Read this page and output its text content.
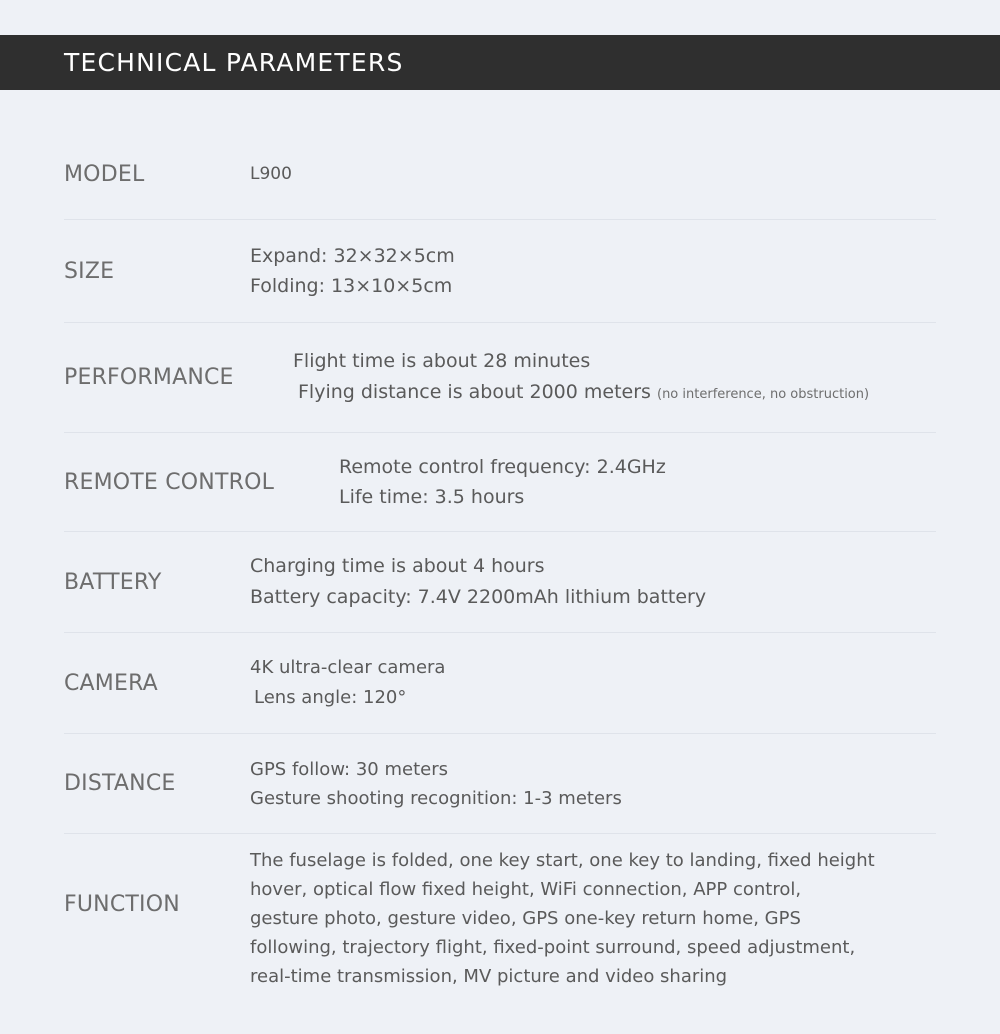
TECHNICAL PARAMETERS
MODEL	L900
SIZE
Expand: 32×32×5cm
Folding: 13×10×5cm
PERFORMANCE
Flight time is about 28 minutes
Flying distance is about 2000 meters (no interference, no obstruction)
REMOTE CONTROL
Remote control frequency: 2.4GHz
Life time: 3.5 hours
BATTERY
Charging time is about 4 hours
Battery capacity: 7.4V 2200mAh lithium battery
CAMERA
4K ultra-clear camera
Lens angle: 120°
DISTANCE
GPS follow: 30 meters
Gesture shooting recognition: 1-3 meters
FUNCTION
The fuselage is folded, one key start, one key to landing, fixed height
hover, optical flow fixed height, WiFi connection, APP control,
gesture photo, gesture video, GPS one-key return home, GPS
following, trajectory flight, fixed-point surround, speed adjustment,
real-time transmission, MV picture and video sharing
